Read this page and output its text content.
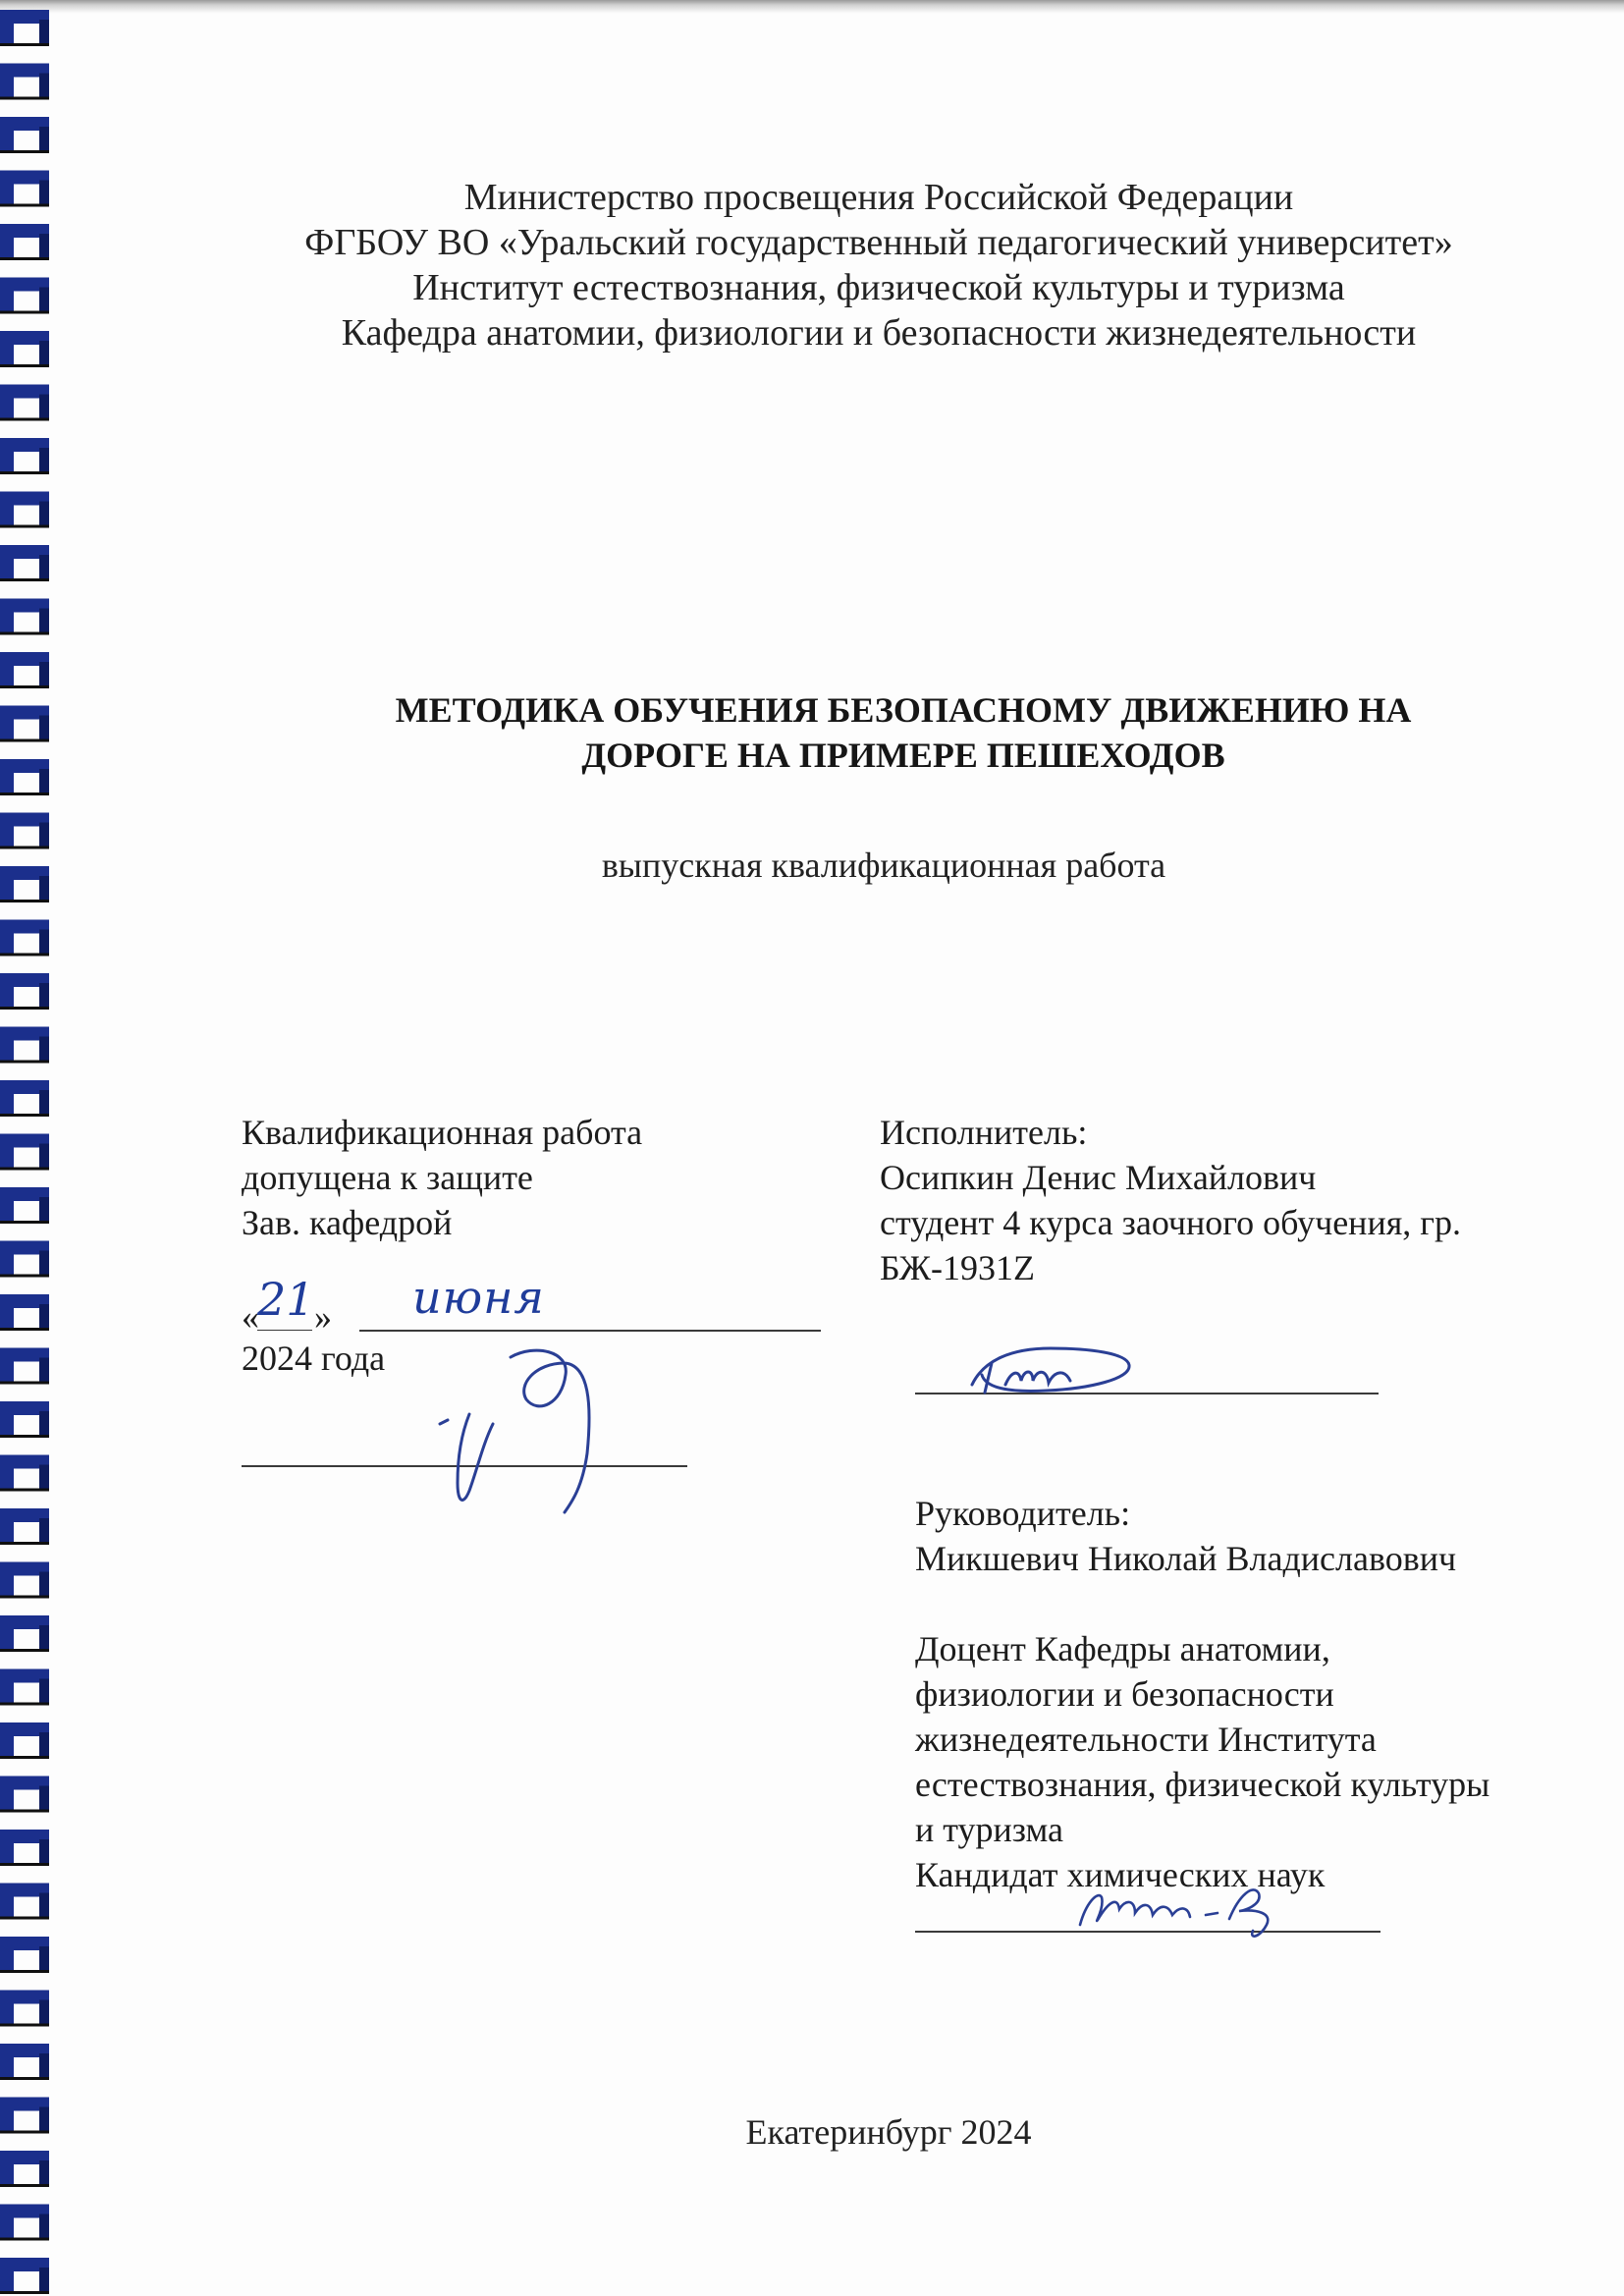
Министерство просвещения Российской Федерации
ФГБОУ ВО «Уральский государственный педагогический университет»
Институт естествознания, физической культуры и туризма
Кафедра анатомии, физиологии и безопасности жизнедеятельности
МЕТОДИКА ОБУЧЕНИЯ БЕЗОПАСНОМУ ДВИЖЕНИЮ НА
ДОРОГЕ НА ПРИМЕРЕ ПЕШЕХОДОВ
выпускная квалификационная работа
Квалификационная работа
допущена к защите
Зав. кафедрой
« »
21 июня
2024 года
Исполнитель:
Осипкин Денис Михайлович
студент 4 курса заочного обучения, гр.
БЖ-1931Z
Руководитель:
Микшевич Николай Владиславович
Доцент Кафедры анатомии,
физиологии и безопасности
жизнедеятельности Института
естествознания, физической культуры
и туризма
Кандидат химических наук
Екатеринбург 2024
